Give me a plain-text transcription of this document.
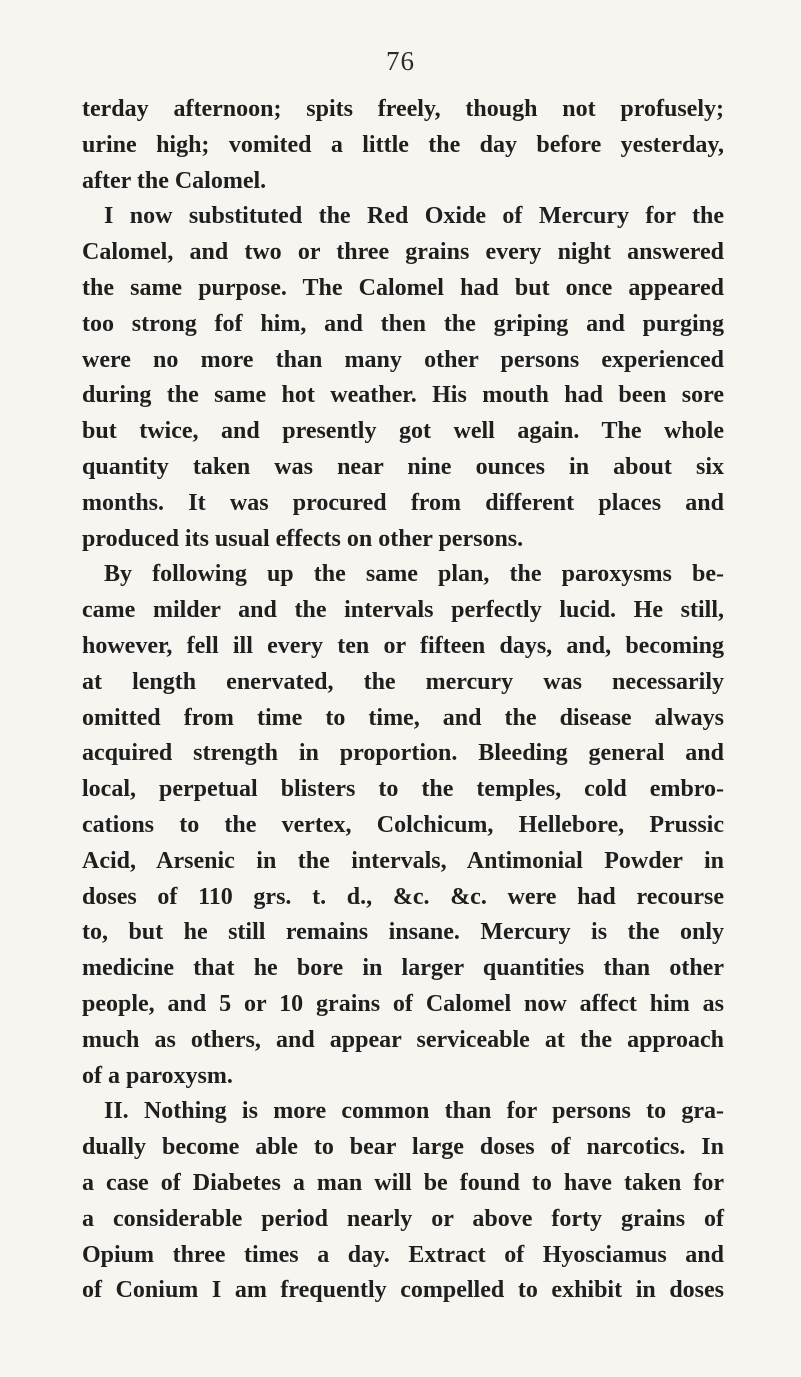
76

terday afternoon; spits freely, though not profusely;
urine high; vomited a little the day before yesterday,
after the Calomel.

I now substituted the Red Oxide of Mercury for the
Calomel, and two or three grains every night answered
the same purpose. The Calomel had but once appeared
too strong fof him, and then the griping and purging
were no more than many other persons experienced
during the same hot weather. His mouth had been sore
but twice, and presently got well again. The whole
quantity taken was near nine ounces in about six
months. It was procured from different places and
produced its usual effects on other persons.

By following up the same plan, the paroxysms be-
came milder and the intervals perfectly lucid. He still,
however, fell ill every ten or fifteen days, and, becoming
at length enervated, the mercury was necessarily
omitted from time to time, and the disease always
acquired strength in proportion. Bleeding general and
local, perpetual blisters to the temples, cold embro-
cations to the vertex, Colchicum, Hellebore, Prussic
Acid, Arsenic in the intervals, Antimonial Powder in
doses of 110 grs. t. d., &c. &c. were had recourse
to, but he still remains insane. Mercury is the only
medicine that he bore in larger quantities than other
people, and 5 or 10 grains of Calomel now affect him as
much as others, and appear serviceable at the approach
of a paroxysm.

II. Nothing is more common than for persons to gra-
dually become able to bear large doses of narcotics. In
a case of Diabetes a man will be found to have taken for
a considerable period nearly or above forty grains of
Opium three times a day. Extract of Hyosciamus and
of Conium I am frequently compelled to exhibit in doses
